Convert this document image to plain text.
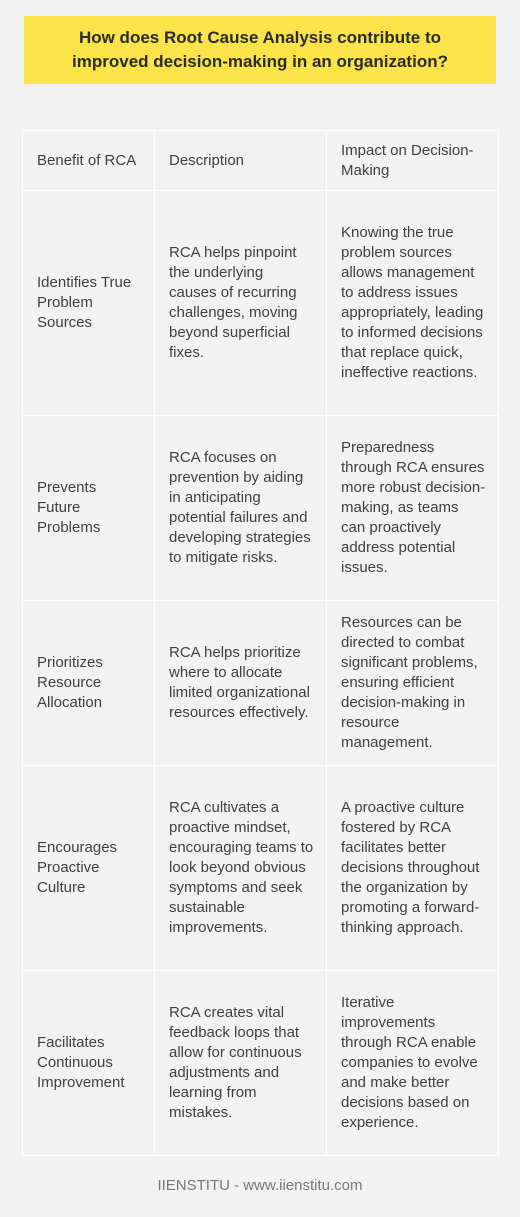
How does Root Cause Analysis contribute to improved decision-making in an organization?
Benefit of RCA	Description	Impact on Decision-Making
Identifies True Problem Sources	RCA helps pinpoint the underlying causes of recurring challenges, moving beyond superficial fixes.	Knowing the true problem sources allows management to address issues appropriately, leading to informed decisions that replace quick, ineffective reactions.
Prevents Future Problems	RCA focuses on prevention by aiding in anticipating potential failures and developing strategies to mitigate risks.	Preparedness through RCA ensures more robust decision-making, as teams can proactively address potential issues.
Prioritizes Resource Allocation	RCA helps prioritize where to allocate limited organizational resources effectively.	Resources can be directed to combat significant problems, ensuring efficient decision-making in resource management.
Encourages Proactive Culture	RCA cultivates a proactive mindset, encouraging teams to look beyond obvious symptoms and seek sustainable improvements.	A proactive culture fostered by RCA facilitates better decisions throughout the organization by promoting a forward-thinking approach.
Facilitates Continuous Improvement	RCA creates vital feedback loops that allow for continuous adjustments and learning from mistakes.	Iterative improvements through RCA enable companies to evolve and make better decisions based on experience.
IIENSTITU - www.iienstitu.com
